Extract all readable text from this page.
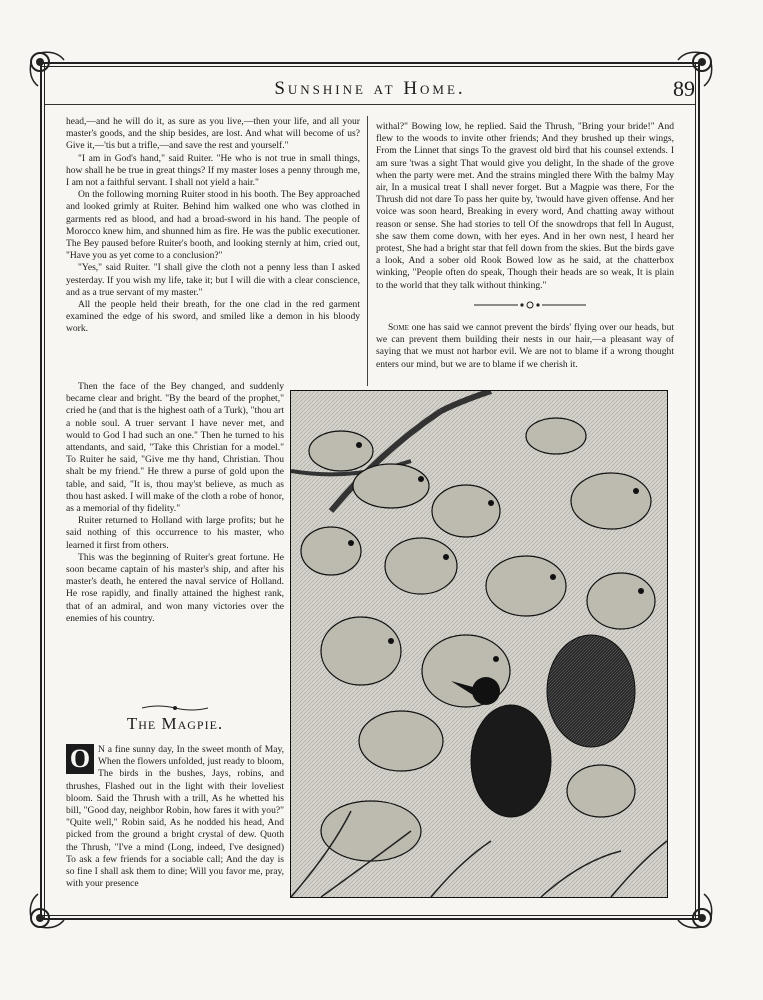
Sunshine at Home.	89

head,—and he will do it, as sure as you live,—then your life, and all your master's goods, and the ship besides, are lost. And what will become of us? Give it,—'tis but a trifle,—and save the rest and yourself."

"I am in God's hand," said Ruiter. "He who is not true in small things, how shall he be true in great things? If my master loses a penny through me, I am not a faithful servant. I shall not yield a hair."

On the following morning Ruiter stood in his booth. The Bey approached and looked grimly at Ruiter. Behind him walked one who was clothed in garments red as blood, and had a broad-sword in his hand. The people of Morocco knew him, and shunned him as fire. He was the public executioner. The Bey paused before Ruiter's booth, and looking sternly at him, cried out, "Have you as yet come to a conclusion?"

"Yes," said Ruiter. "I shall give the cloth not a penny less than I asked yesterday. If you wish my life, take it; but I will die with a clear conscience, and as a true servant of my master."

All the people held their breath, for the one clad in the red garment examined the edge of his sword, and smiled like a demon in his bloody work.

Then the face of the Bey changed, and suddenly became clear and bright. "By the beard of the prophet," cried he (and that is the highest oath of a Turk), "thou art a noble soul. A truer servant I have never met, and would to God I had such an one." Then he turned to his attendants, and said, "Take this Christian for a model." To Ruiter he said, "Give me thy hand, Christian. Thou shalt be my friend." He threw a purse of gold upon the table, and said, "It is, thou may'st believe, as much as thou hast asked. I will make of the cloth a robe of honor, as a memorial of thy fidelity."

Ruiter returned to Holland with large profits; but he said nothing of this occurrence to his master, who learned it first from others.

This was the beginning of Ruiter's great fortune. He soon became captain of his master's ship, and after his master's death, he entered the naval service of Holland. He rose rapidly, and finally attained the highest rank, that of an admiral, and won many victories over the enemies of his country.

The Magpie.
O N a fine sunny day, In the sweet month of May, When the flowers unfolded, just ready to bloom, The birds in the bushes, Jays, robins, and thrushes, Flashed out in the light with their loveliest bloom. Said the Thrush with a trill, As he whetted his bill, "Good day, neighbor Robin, how fares it with you?" "Quite well," Robin said, As he nodded his head, And picked from the ground a bright crystal of dew. Quoth the Thrush, "I've a mind (Long, indeed, I've designed) To ask a few friends for a sociable call; And the day is so fine I shall ask them to dine; Will you favor me, pray, with your presence

withal?" Bowing low, he replied. Said the Thrush, "Bring your bride!" And flew to the woods to invite other friends; And they brushed up their wings, From the Linnet that sings To the gravest old bird that his counsel extends. I am sure 'twas a sight That would give you delight, In the shade of the grove when the party were met. And the strains mingled there With the balmy May air, In a musical treat I shall never forget. But a Magpie was there, For the Thrush did not dare To pass her quite by, 'twould have given offense. And her voice was soon heard, Breaking in every word, And chatting away without reason or sense. She had stories to tell Of the snowdrops that fell In August, she saw them come down, with her eyes. And in her own nest, I heard her protest, She had a bright star that fell down from the skies. But the birds gave a look, And a sober old Rook Bowed low as he said, at the chatterbox winking, "People often do speak, Though their heads are so weak, It is plain to the world that they talk without thinking."

Some one has said we cannot prevent the birds' flying over our heads, but we can prevent them building their nests in our hair,—a pleasant way of saying that we must not harbor evil. We are not to blame if a wrong thought enters our mind, but we are to blame if we cherish it.
